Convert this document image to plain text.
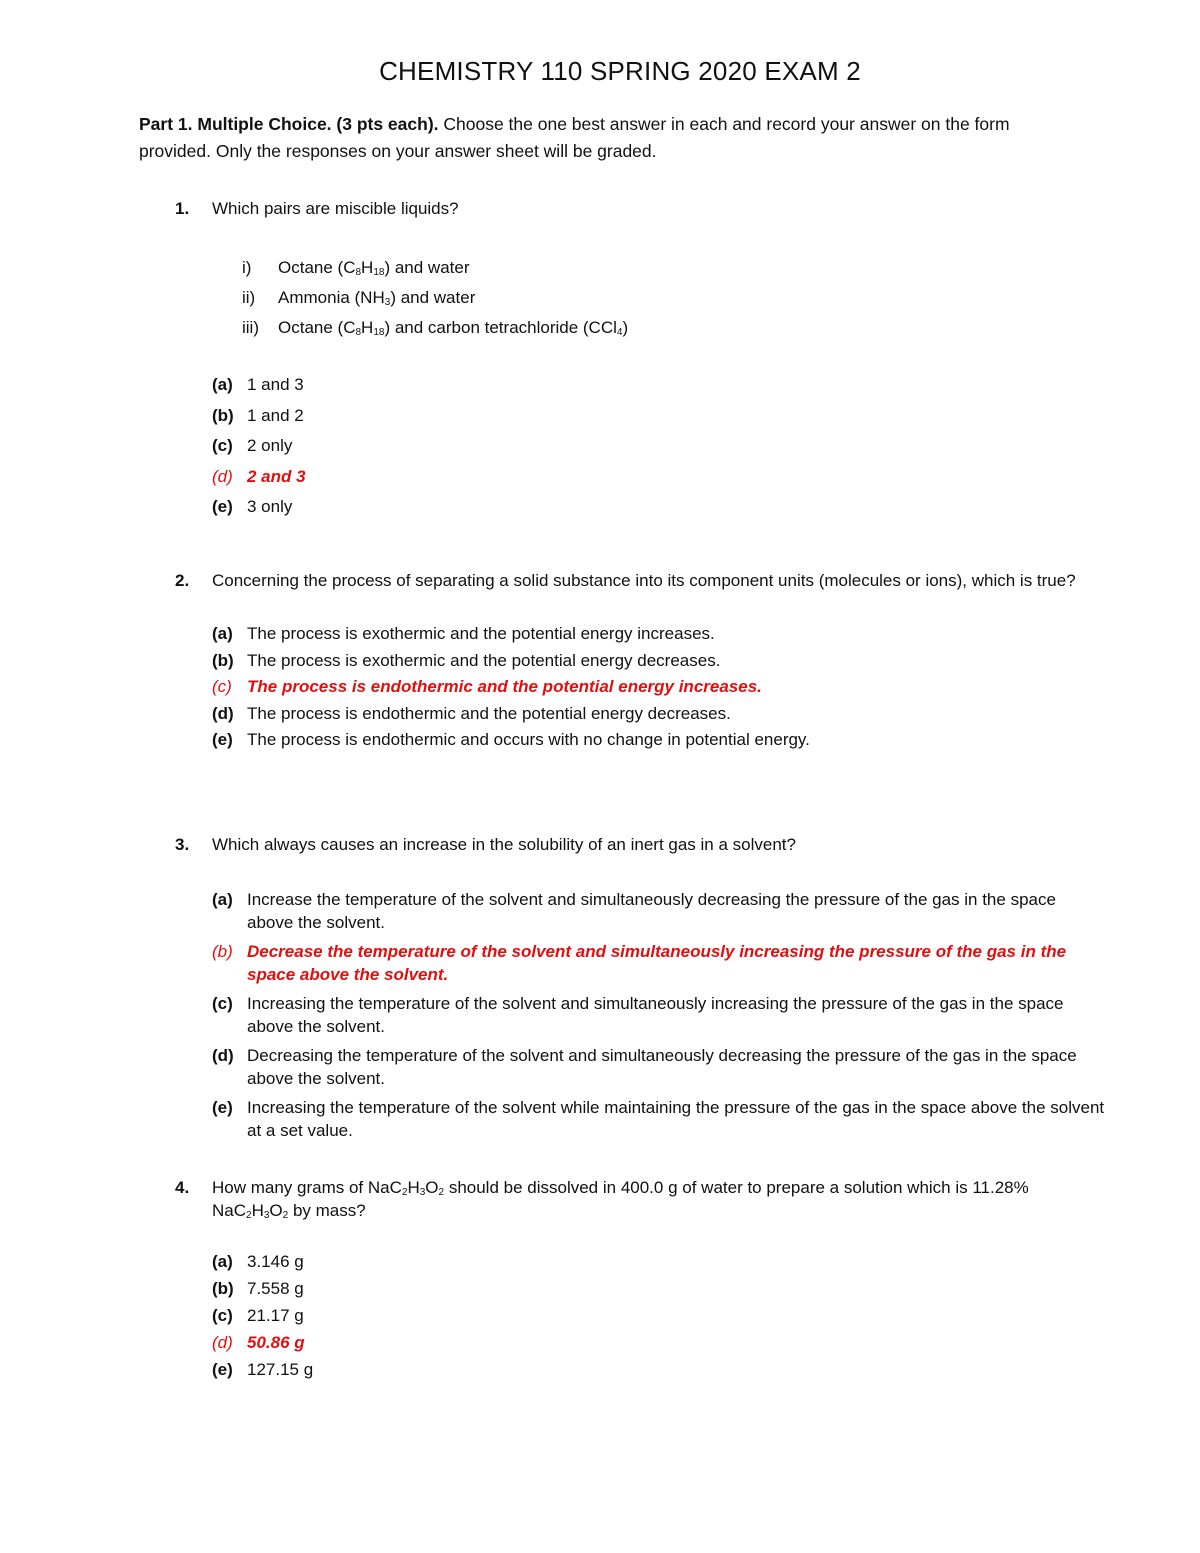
CHEMISTRY 110 SPRING 2020 EXAM 2

Part 1. Multiple Choice. (3 pts each). Choose the one best answer in each and record your answer on the form provided. Only the responses on your answer sheet will be graded.

1. Which pairs are miscible liquids?
i)	Octane $(C_8H_{18})$ and water
ii)	Ammonia $(NH_3)$ and water
iii)	Octane $(C_8H_{18})$ and carbon tetrachloride (CCl$_4$)
(a) 1 and 3
(b) 1 and 2
(c) 2 only
(d) 2 and 3
(e) 3 only
2. Concerning the process of separating a solid substance into its component units (molecules or ions), which is true?
(a) The process is exothermic and the potential energy increases.
(b) The process is exothermic and the potential energy decreases.
(c) The process is endothermic and the potential energy increases.
(d) The process is endothermic and the potential energy decreases.
(e) The process is endothermic and occurs with no change in potential energy.
3. Which always causes an increase in the solubility of an inert gas in a solvent?
(a) Increase the temperature of the solvent and simultaneously decreasing the pressure of the gas in the space above the solvent.
(b) Decrease the temperature of the solvent and simultaneously increasing the pressure of the gas in the space above the solvent.
(c) Increasing the temperature of the solvent and simultaneously increasing the pressure of the gas in the space above the solvent.
(d) Decreasing the temperature of the solvent and simultaneously decreasing the pressure of the gas in the space above the solvent.
(e) Increasing the temperature of the solvent while maintaining the pressure of the gas in the space above the solvent at a set value.
4. How many grams of $NaC_2H_3O_2$ should be dissolved in 400.0 g of water to prepare a solution which is 11.28% $NaC_2H_3O_2$ by mass?
(a) 3.146 g
(b) 7.558 g
(c) 21.17 g
(d) 50.86 g
(e) 127.15 g
